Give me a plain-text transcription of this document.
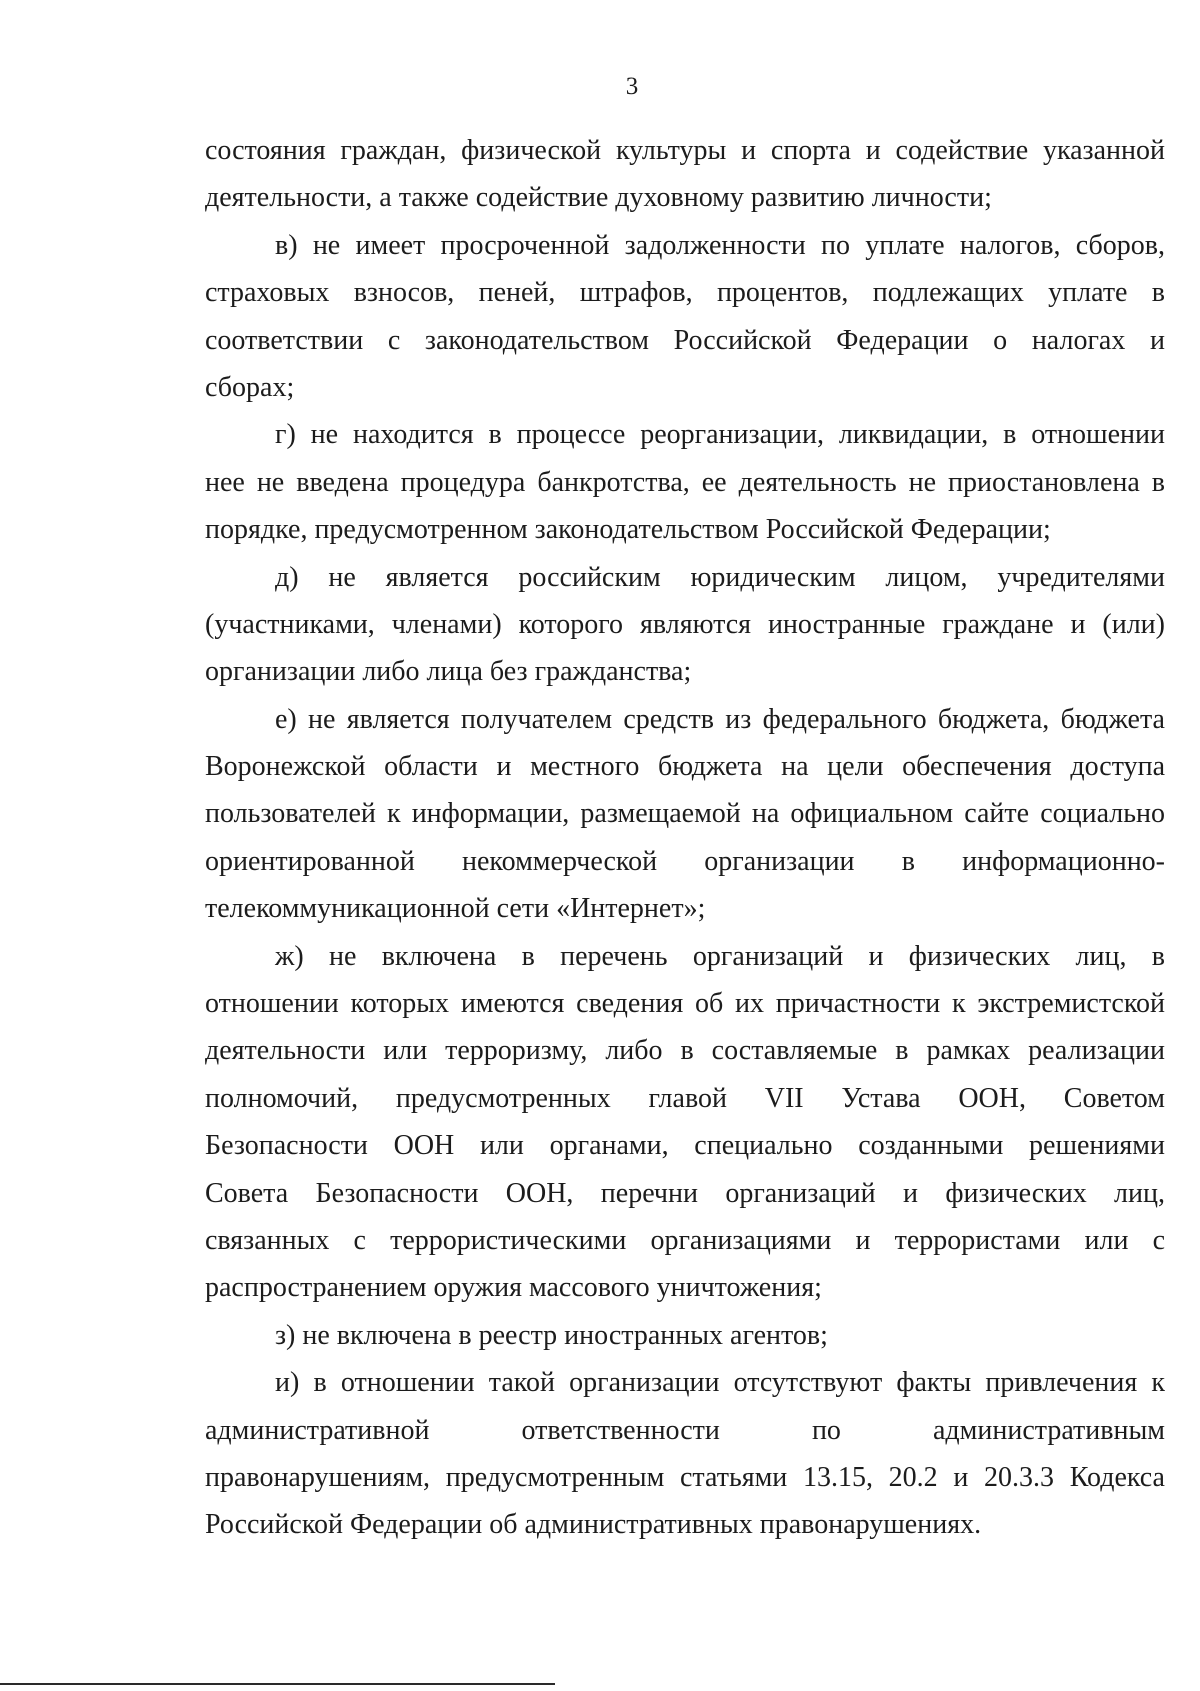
3
состояния граждан, физической культуры и спорта и содействие указанной
деятельности, а также содействие духовному развитию личности;
в) не имеет просроченной задолженности по уплате налогов, сборов,
страховых взносов, пеней, штрафов, процентов, подлежащих уплате в
соответствии с законодательством Российской Федерации о налогах и
сборах;
г) не находится в процессе реорганизации, ликвидации, в отношении
нее не введена процедура банкротства, ее деятельность не приостановлена в
порядке, предусмотренном законодательством Российской Федерации;
д) не является российским юридическим лицом, учредителями
(участниками, членами) которого являются иностранные граждане и (или)
организации либо лица без гражданства;
е) не является получателем средств из федерального бюджета, бюджета
Воронежской области и местного бюджета на цели обеспечения доступа
пользователей к информации, размещаемой на официальном сайте социально
ориентированной некоммерческой организации в информационно-
телекоммуникационной сети «Интернет»;
ж) не включена в перечень организаций и физических лиц, в
отношении которых имеются сведения об их причастности к экстремистской
деятельности или терроризму, либо в составляемые в рамках реализации
полномочий, предусмотренных главой VII Устава ООН, Советом
Безопасности ООН или органами, специально созданными решениями
Совета Безопасности ООН, перечни организаций и физических лиц,
связанных с террористическими организациями и террористами или с
распространением оружия массового уничтожения;
з) не включена в реестр иностранных агентов;
и) в отношении такой организации отсутствуют факты привлечения к
административной ответственности по административным
правонарушениям, предусмотренным статьями 13.15, 20.2 и 20.3.3 Кодекса
Российской Федерации об административных правонарушениях.
